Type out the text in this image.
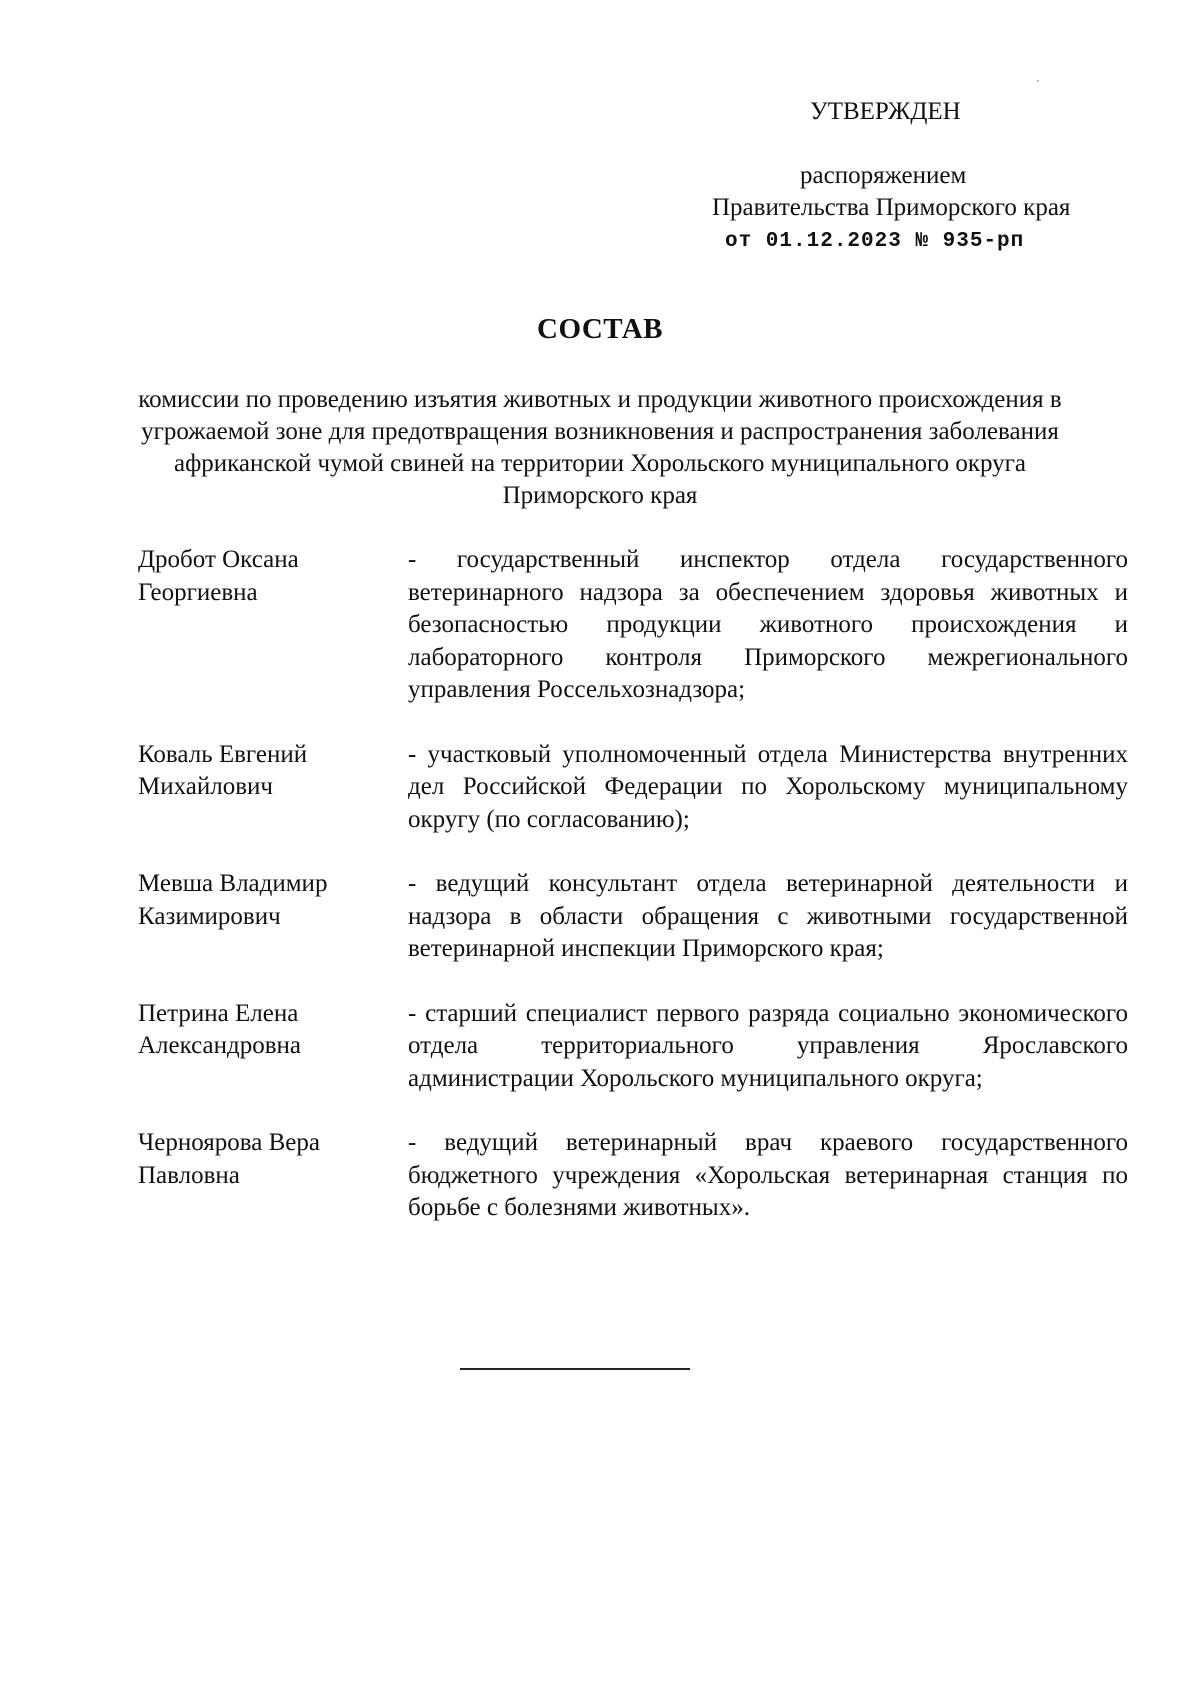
УТВЕРЖДЕН
распоряжением
Правительства Приморского края
от 01.12.2023 № 935-рп
СОСТАВ
комиссии по проведению изъятия животных и продукции животного происхождения в угрожаемой зоне для предотвращения возникновения и распространения заболевания африканской чумой свиней на территории Хорольского муниципального округа Приморского края
Дробот Оксана
Георгиевна
- государственный инспектор отдела государственного ветеринарного надзора за обеспечением здоровья животных и безопасностью продукции животного происхождения и лабораторного контроля Приморского межрегионального управления Россельхознадзора;
Коваль Евгений
Михайлович
- участковый уполномоченный отдела Министерства внутренних дел Российской Федерации по Хорольскому муниципальному округу (по согласованию);
Мевша Владимир
Казимирович
- ведущий консультант отдела ветеринарной деятельности и надзора в области обращения с животными государственной ветеринарной инспекции Приморского края;
Петрина Елена
Александровна
- старший специалист первого разряда социально экономического отдела территориального управления Ярославского администрации Хорольского муниципального округа;
Черноярова Вера
Павловна
- ведущий ветеринарный врач краевого государственного бюджетного учреждения «Хорольская ветеринарная станция по борьбе с болезнями животных».
